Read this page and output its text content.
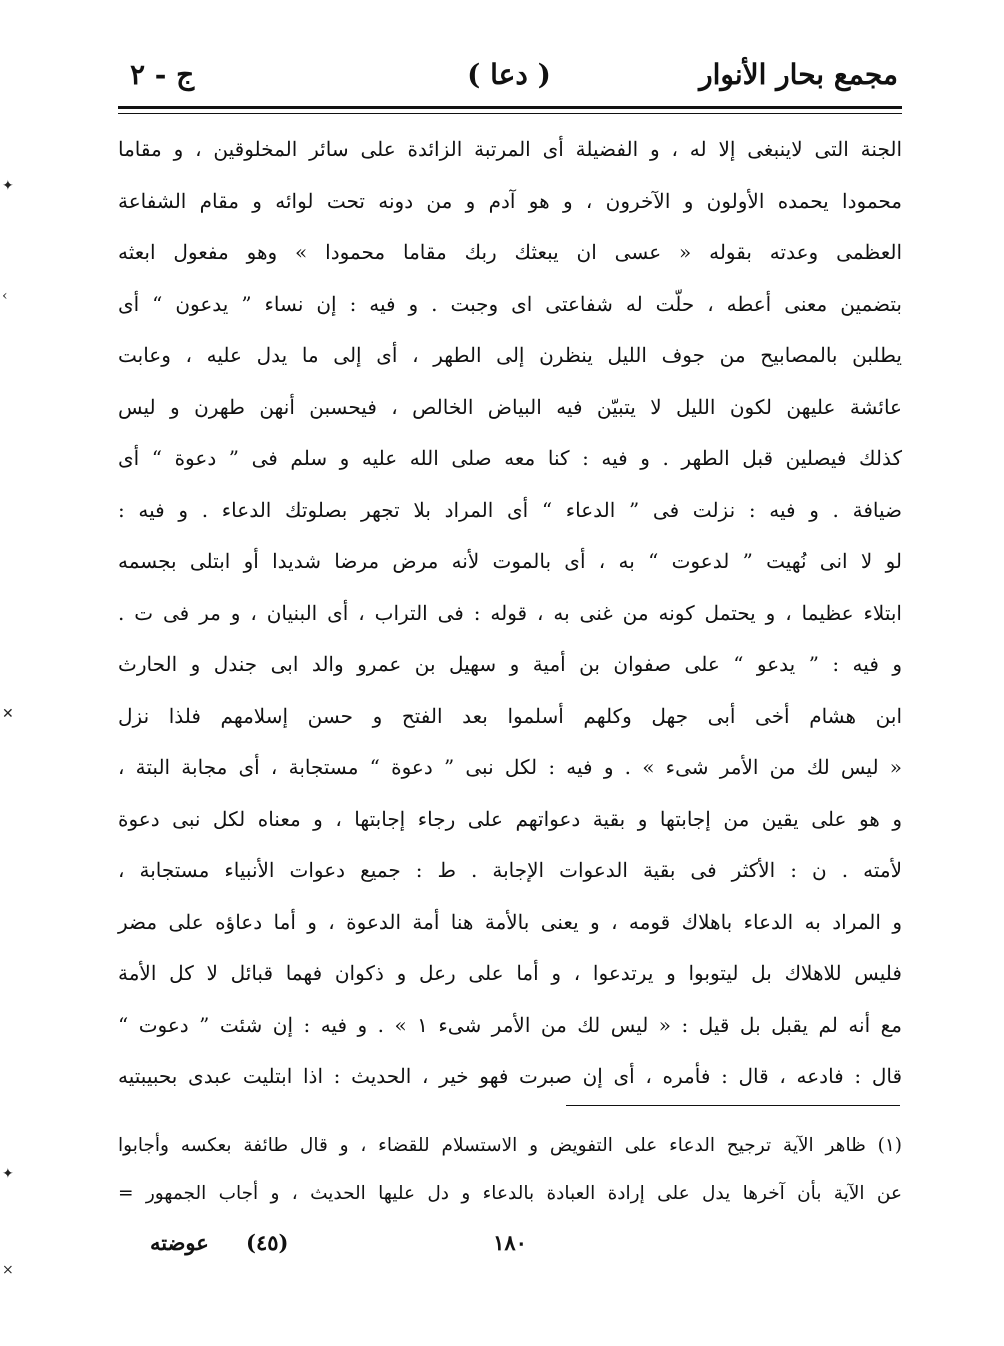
مجمع بحار الأنوار
( دعا )
ج - ٢
الجنة التى لاينبغى إلا له ، و الفضيلة أى المرتبة الزائدة على سائر المخلوقين ، و مقاما
محمودا يحمده الأولون و الآخرون ، و هو آدم و من دونه تحت لوائه و مقام الشفاعة
العظمى وعدته بقوله « عسى ان يبعثك ربك مقاما محمودا » وهو مفعول ابعثه
بتضمين معنى أعطه ، حلّت له شفاعتى اى وجبت . و فيه : إن نساء ” يدعون “ أى
يطلبن بالمصابيح من جوف الليل ينظرن إلى الطهر ، أى إلى ما يدل عليه ، وعابت
عائشة عليهن لكون الليل لا يتبيّن فيه البياض الخالص ، فيحسبن أنهن طهرن و ليس
كذلك فيصلين قبل الطهر . و فيه : كنا معه صلى الله عليه و سلم فى ” دعوة “ أى
ضيافة . و فيه : نزلت فى ” الدعاء “ أى المراد بلا تجهر بصلوتك الدعاء . و فيه :
لو لا انى نُهيت ” لدعوت “ به ، أى بالموت لأنه مرض مرضا شديدا أو ابتلى بجسمه
ابتلاء عظيما ، و يحتمل كونه من غنى به ، قوله : فى التراب ، أى البنيان ، و مر فى ت .
و فيه : ” يدعو “ على صفوان بن أمية و سهيل بن عمرو والد ابى جندل و الحارث
ابن هشام أخى أبى جهل وكلهم أسلموا بعد الفتح و حسن إسلامهم فلذا نزل
« ليس لك من الأمر شىء » . و فيه : لكل نبى ” دعوة “ مستجابة ، أى مجابة البتة ،
و هو على يقين من إجابتها و بقية دعواتهم على رجاء إجابتها ، و معناه لكل نبى دعوة
لأمته . ن : الأكثر فى بقية الدعوات الإجابة . ط : جميع دعوات الأنبياء مستجابة ،
و المراد به الدعاء باهلاك قومه ، و يعنى بالأمة هنا أمة الدعوة ، و أما دعاؤه على مضر
فليس للاهلاك بل ليتوبوا و يرتدعوا ، و أما على رعل و ذكوان فهما قبائل لا كل الأمة
مع أنه لم يقبل بل قيل : « ليس لك من الأمر شىء ١ » . و فيه : إن شئت ” دعوت “
قال : فادعه ، قال : فأمره ، أى إن صبرت فهو خير ، الحديث : اذا ابتليت عبدى بحبيبتيه
(١) ظاهر الآية ترجيح الدعاء على التفويض و الاستسلام للقضاء ، و قال طائفة بعكسه وأجابوا
عن الآية بأن آخرها يدل على إرادة العبادة بالدعاء و دل عليها الحديث ، و أجاب الجمهور =
١٨٠
(٤٥)
عوضته
✦
‹
✕
✦
×
